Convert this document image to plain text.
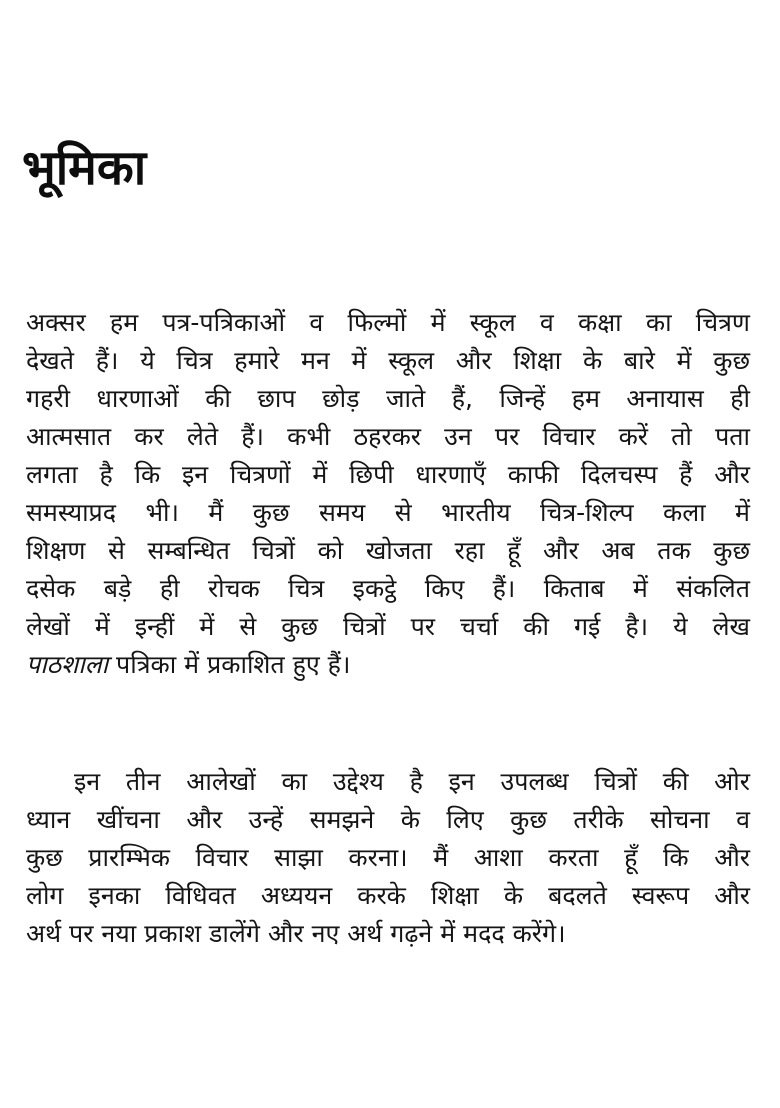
भूमिका
अक्सर हम पत्र-पत्रिकाओं व फिल्मों में स्कूल व कक्षा का चित्रण
देखते हैं। ये चित्र हमारे मन में स्कूल और शिक्षा के बारे में कुछ
गहरी धारणाओं की छाप छोड़ जाते हैं, जिन्हें हम अनायास ही
आत्मसात कर लेते हैं। कभी ठहरकर उन पर विचार करें तो पता
लगता है कि इन चित्रणों में छिपी धारणाएँ काफी दिलचस्प हैं और
समस्याप्रद भी। मैं कुछ समय से भारतीय चित्र-शिल्प कला में
शिक्षण से सम्बन्धित चित्रों को खोजता रहा हूँ और अब तक कुछ
दसेक बड़े ही रोचक चित्र इकट्ठे किए हैं। किताब में संकलित
लेखों में इन्हीं में से कुछ चित्रों पर चर्चा की गई है। ये लेख
पाठशाला पत्रिका में प्रकाशित हुए हैं।
इन तीन आलेखों का उद्देश्य है इन उपलब्ध चित्रों की ओर
ध्यान खींचना और उन्हें समझने के लिए कुछ तरीके सोचना व
कुछ प्रारम्भिक विचार साझा करना। मैं आशा करता हूँ कि और
लोग इनका विधिवत अध्ययन करके शिक्षा के बदलते स्वरूप और
अर्थ पर नया प्रकाश डालेंगे और नए अर्थ गढ़ने में मदद करेंगे।
